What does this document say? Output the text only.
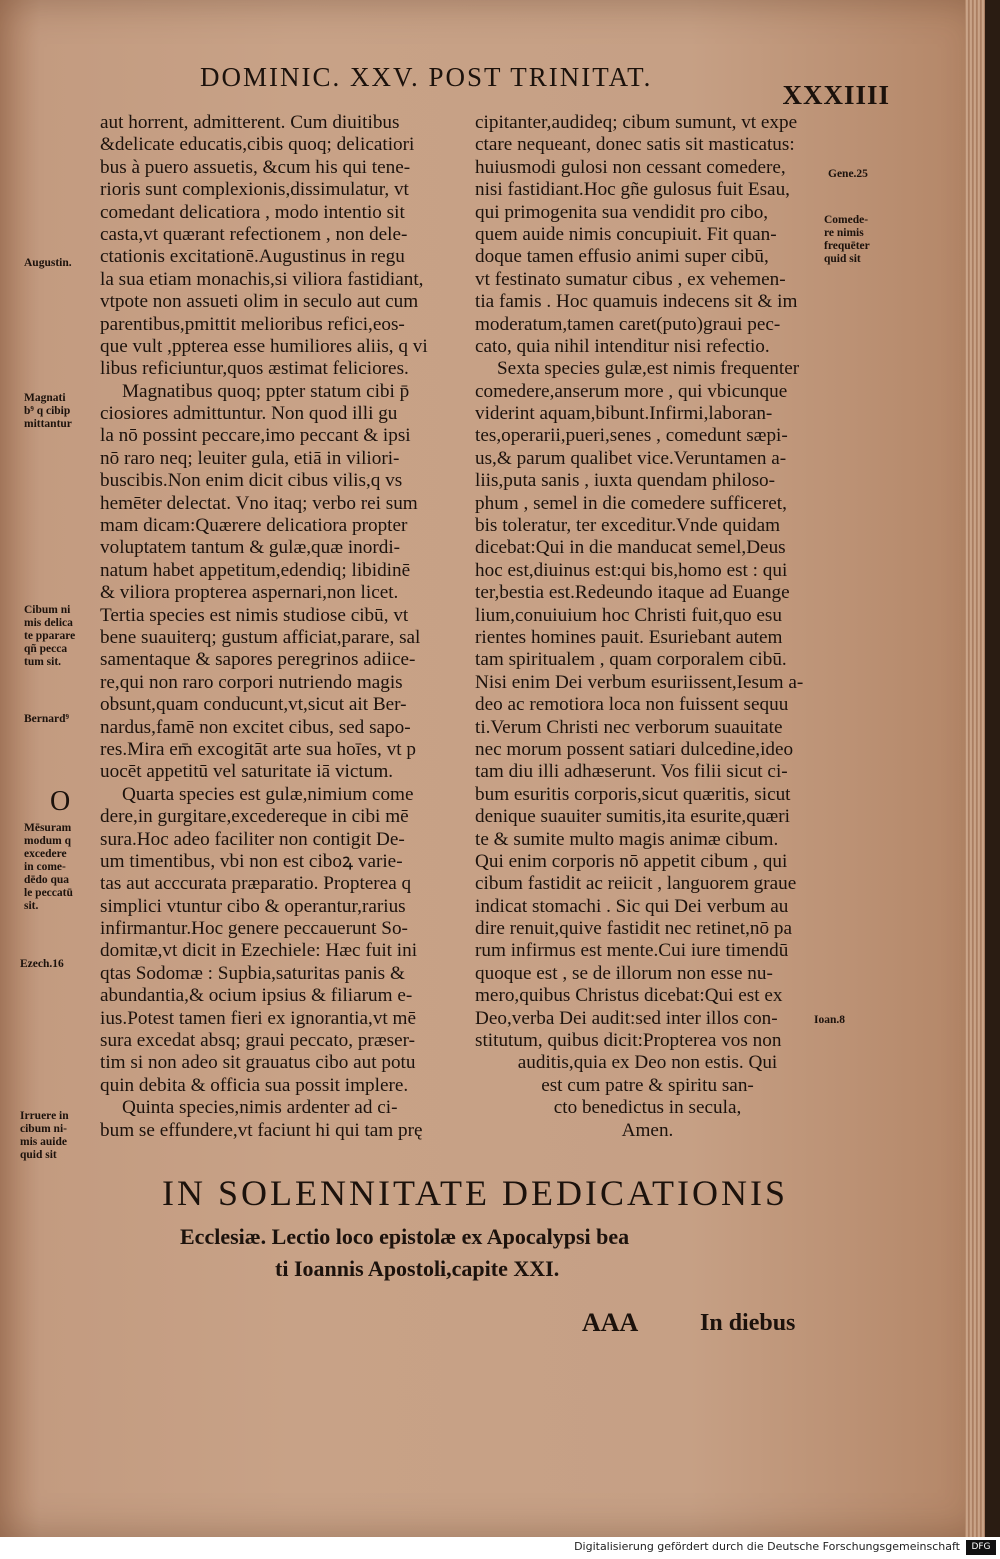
DOMINIC. XXV. POST TRINITAT.
XXXIIII
aut horrent, admitterent. Cum diuitibus
&delicate educatis,cibis quoq; delicatiori
bus à puero assuetis, &cum his qui tene-
rioris sunt complexionis,dissimulatur, vt
comedant delicatiora , modo intentio sit
casta,vt quærant refectionem , non dele-
ctationis excitationē.Augustinus in regu
la sua etiam monachis,si viliora fastidiant,
vtpote non assueti olim in seculo aut cum
parentibus,pmittit melioribus refici,eos-
que vult ,ppterea esse humiliores aliis, q vi
libus reficiuntur,quos æstimat feliciores.
Magnatibus quoq; ppter statum cibi p̄
ciosiores admittuntur. Non quod illi gu
la nō possint peccare,imo peccant & ipsi
nō raro neq; leuiter gula, etiā in viliori-
buscibis.Non enim dicit cibus vilis,q vs
hemēter delectat. Vno itaq; verbo rei sum
mam dicam:Quærere delicatiora propter
voluptatem tantum & gulæ,quæ inordi-
natum habet appetitum,edendiq; libidinē
& viliora propterea aspernari,non licet.
Tertia species est nimis studiose cibū, vt
bene suauiterq; gustum afficiat,parare, sal
samentaque & sapores peregrinos adiice-
re,qui non raro corpori nutriendo magis
obsunt,quam conducunt,vt,sicut ait Ber-
nardus,famē non excitet cibus, sed sapo-
res.Mira em̄ excogitāt arte sua hoīes, vt p
uocēt appetitū vel saturitate iā victum.
Quarta species est gulæ,nimium come
dere,in gurgitare,excedereque in cibi mē
sura.Hoc adeo faciliter non contigit De-
um timentibus, vbi non est ciboꝝ varie-
tas aut acccurata præparatio. Propterea q
simplici vtuntur cibo & operantur,rarius
infirmantur.Hoc genere peccauerunt So-
domitæ,vt dicit in Ezechiele: Hæc fuit ini
qtas Sodomæ : Supbia,saturitas panis &
abundantia,& ocium ipsius & filiarum e-
ius.Potest tamen fieri ex ignorantia,vt mē
sura excedat absq; graui peccato, præser-
tim si non adeo sit grauatus cibo aut potu
quin debita & officia sua possit implere.
Quinta species,nimis ardenter ad ci-
bum se effundere,vt faciunt hi qui tam prę
cipitanter,audideq; cibum sumunt, vt expe
ctare nequeant, donec satis sit masticatus:
huiusmodi gulosi non cessant comedere,
nisi fastidiant.Hoc gñe gulosus fuit Esau,
qui primogenita sua vendidit pro cibo,
quem auide nimis concupiuit. Fit quan-
doque tamen effusio animi super cibū,
vt festinato sumatur cibus , ex vehemen-
tia famis . Hoc quamuis indecens sit & im
moderatum,tamen caret(puto)graui pec-
cato, quia nihil intenditur nisi refectio.
Sexta species gulæ,est nimis frequenter
comedere,anserum more , qui vbicunque
viderint aquam,bibunt.Infirmi,laboran-
tes,operarii,pueri,senes , comedunt sæpi-
us,& parum qualibet vice.Veruntamen a-
liis,puta sanis , iuxta quendam philoso-
phum , semel in die comedere sufficeret,
bis toleratur, ter exceditur.Vnde quidam
dicebat:Qui in die manducat semel,Deus
hoc est,diuinus est:qui bis,homo est : qui
ter,bestia est.Redeundo itaque ad Euange
lium,conuiuium hoc Christi fuit,quo esu
rientes homines pauit. Esuriebant autem
tam spiritualem , quam corporalem cibū.
Nisi enim Dei verbum esuriissent,Iesum a-
deo ac remotiora loca non fuissent sequu
ti.Verum Christi nec verborum suauitate
nec morum possent satiari dulcedine,ideo
tam diu illi adhæserunt. Vos filii sicut ci-
bum esuritis corporis,sicut quæritis, sicut
denique suauiter sumitis,ita esurite,quæri
te & sumite multo magis animæ cibum.
Qui enim corporis nō appetit cibum , qui
cibum fastidit ac reiicit , languorem graue
indicat stomachi . Sic qui Dei verbum au
dire renuit,quive fastidit nec retinet,nō pa
rum infirmus est mente.Cui iure timendū
quoque est , se de illorum non esse nu-
mero,quibus Christus dicebat:Qui est ex
Deo,verba Dei audit:sed inter illos con-
stitutum, quibus dicit:Propterea vos non
auditis,quia ex Deo non estis. Qui
est cum patre & spiritu san-
cto benedictus in secula,
Amen.
Augustin.
Magnati
b⁹ q cibip
mittantur
Cibum ni
mis delica
te pparare
qñ pecca
tum sit.
Bernard⁹
O
Mēsuram
modum q
excedere
in come-
dēdo qua
le peccatū
sit.
Ezech.16
Irruere in
cibum ni-
mis auide
quid sit
Gene.25
Comede-
re nimis
frequēter
quid sit
Ioan.8
IN SOLENNITATE DEDICATIONIS
Ecclesiæ. Lectio loco epistolæ ex Apocalypsi bea
ti Ioannis Apostoli,capite XXI.
AAA	In diebus
Digitalisierung gefördert durch die Deutsche Forschungsgemeinschaft	DFG
